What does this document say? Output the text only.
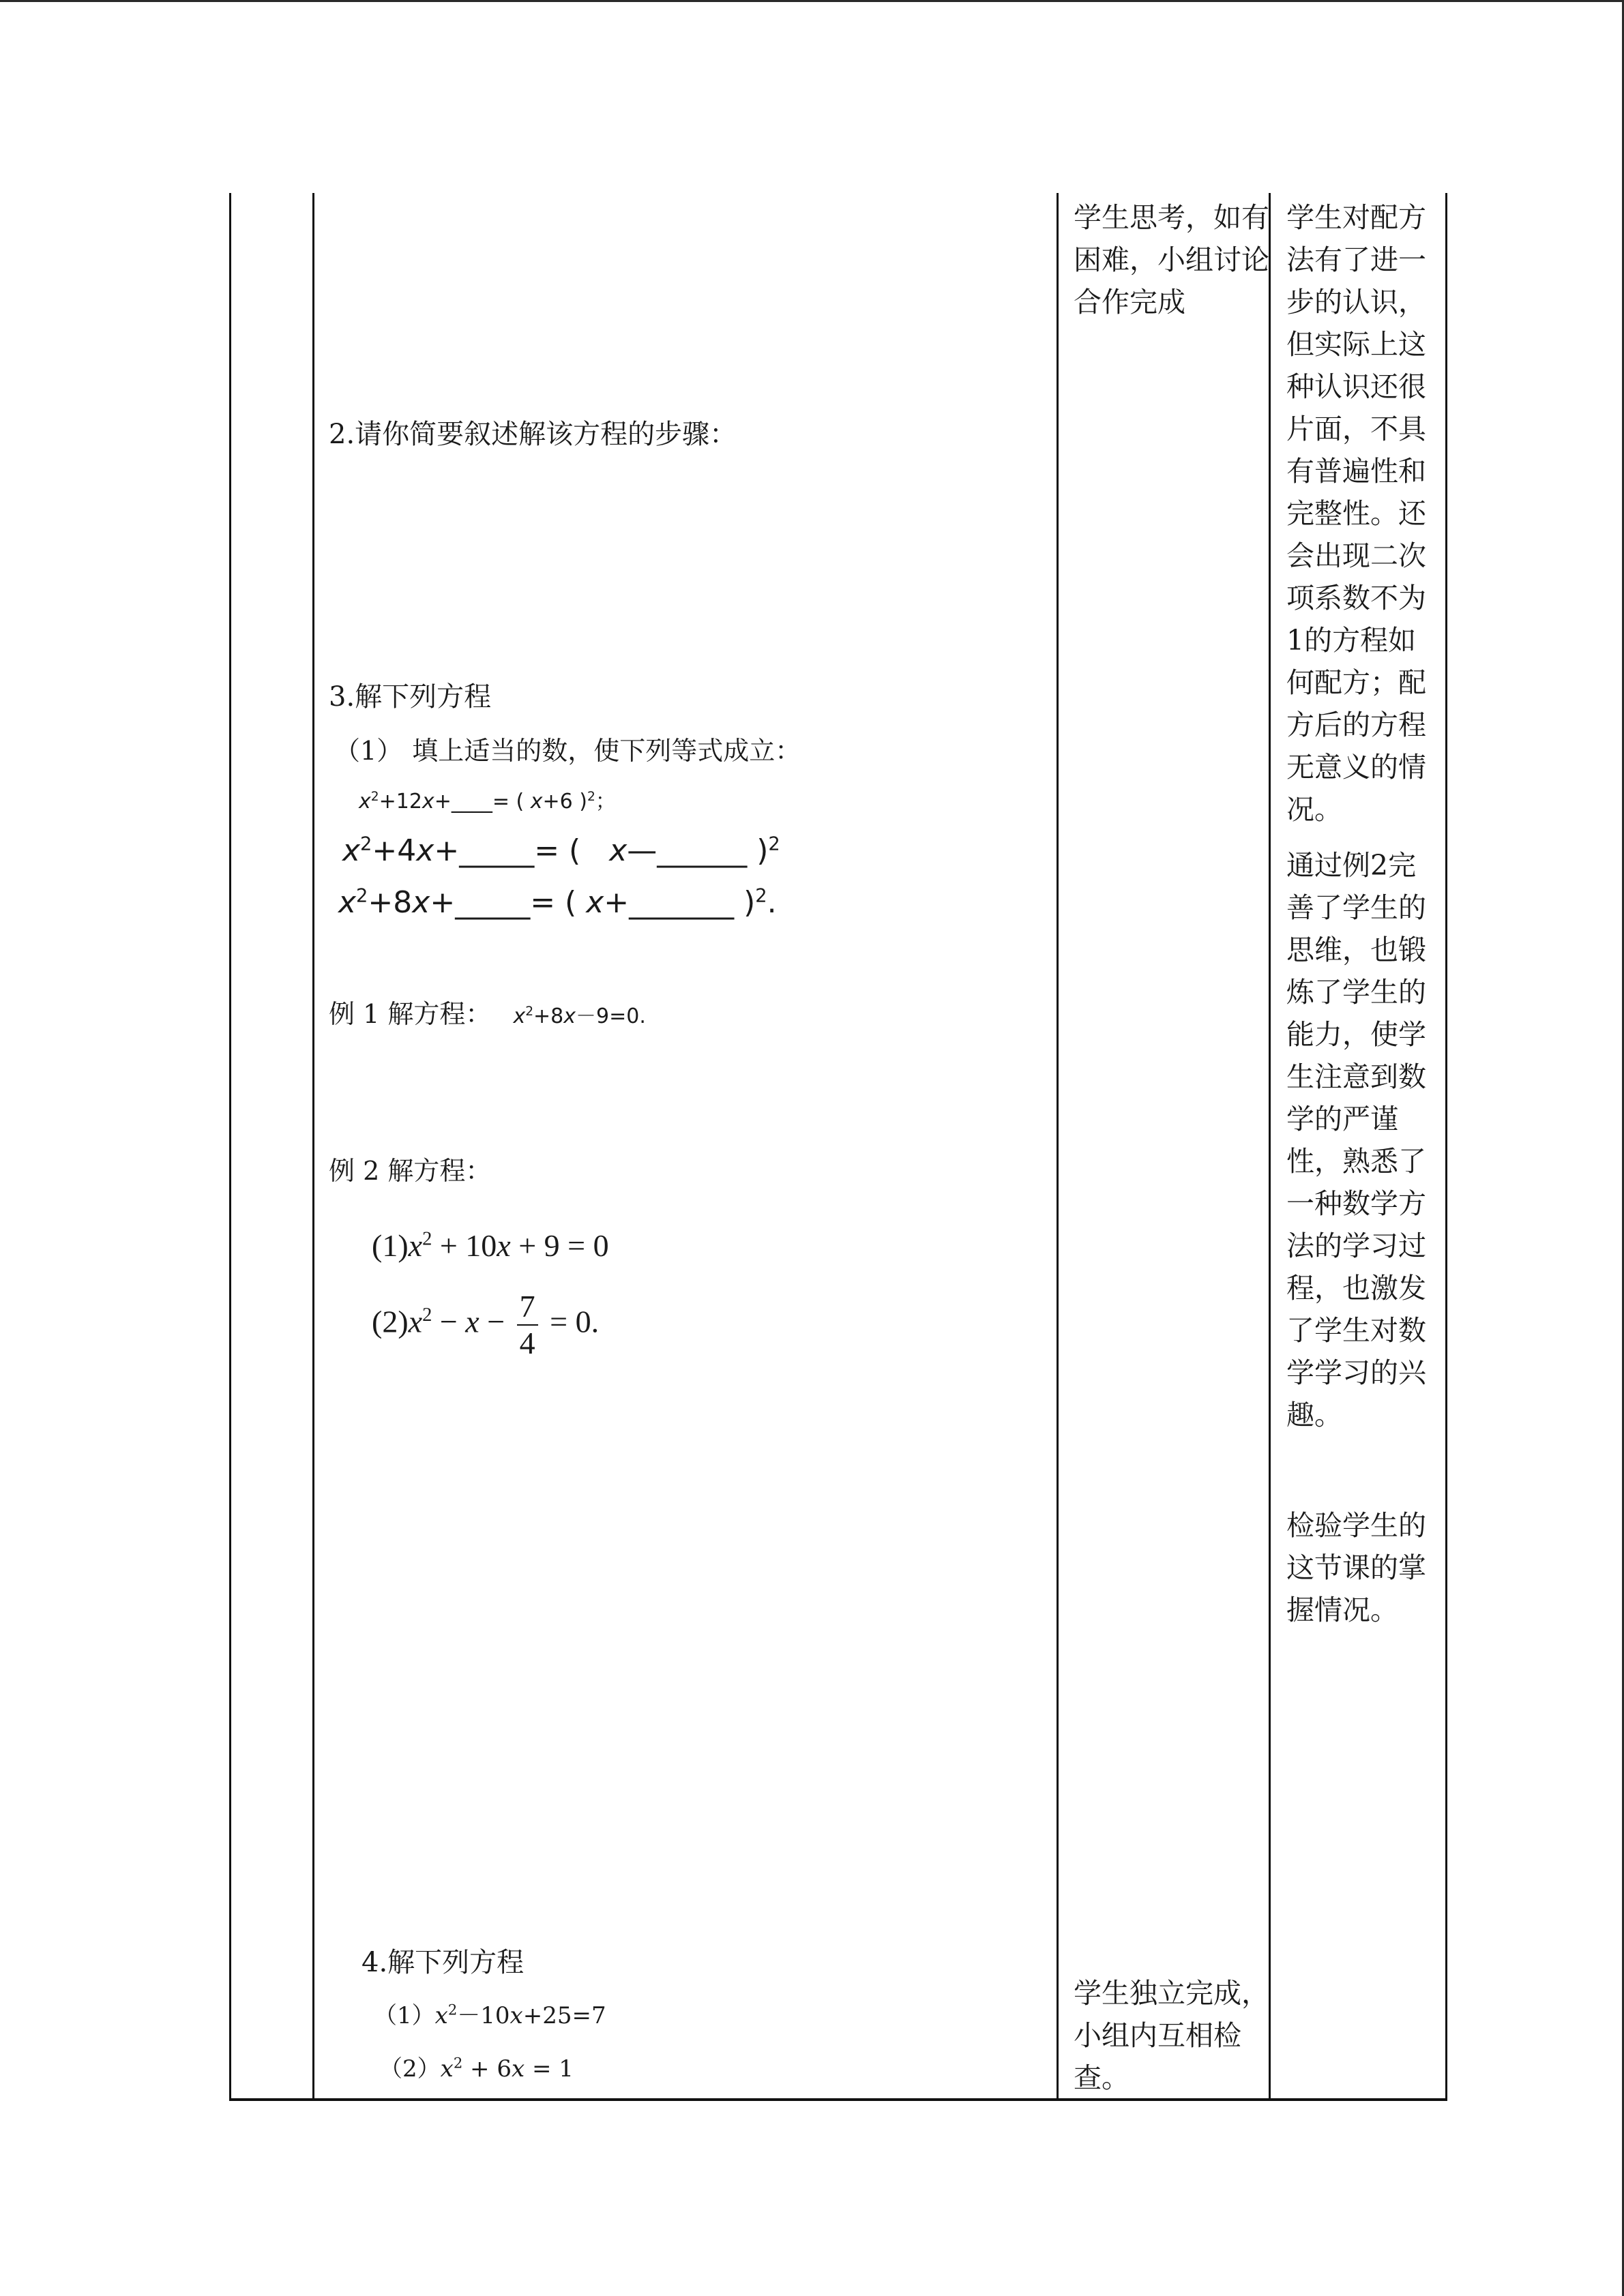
学生思考，如有困难，小组讨论合作完成
学生独立完成，小组内互相检查。
学生对配方法有了进一步的认识，但实际上这种认识还很片面，不具有普遍性和完整性。还会出现二次项系数不为1的方程如何配方；配方后的方程无意义的情况。
通过例2完善了学生的思维，也锻炼了学生的能力，使学生注意到数学的严谨性，熟悉了一种数学方法的学习过程，也激发了学生对数学学习的兴趣。
检验学生的这节课的掌握情况。
2.请你简要叙述解该方程的步骤：
3.解下列方程
（1） 填上适当的数，使下列等式成立：
$x^2+12x+\_\_\_\_=$ ( x+6 )$^2$；
$x^2+4x+\_\_\_\_\_=$ ( x—______ )$^2$
$x^2+8x+\_\_\_\_\_=$ ( x+_______ )$^2$.
例 1 解方程： $x^2+8x-9=0$.
例 2 解方程：
$(1)x^2 + 10x + 9 = 0$
$(2)x^2 - x - \frac{7}{4} = 0$.
4.解下列方程
$(1)x^2-10x+25=7$
$(2)x^2 + 6x = 1$
